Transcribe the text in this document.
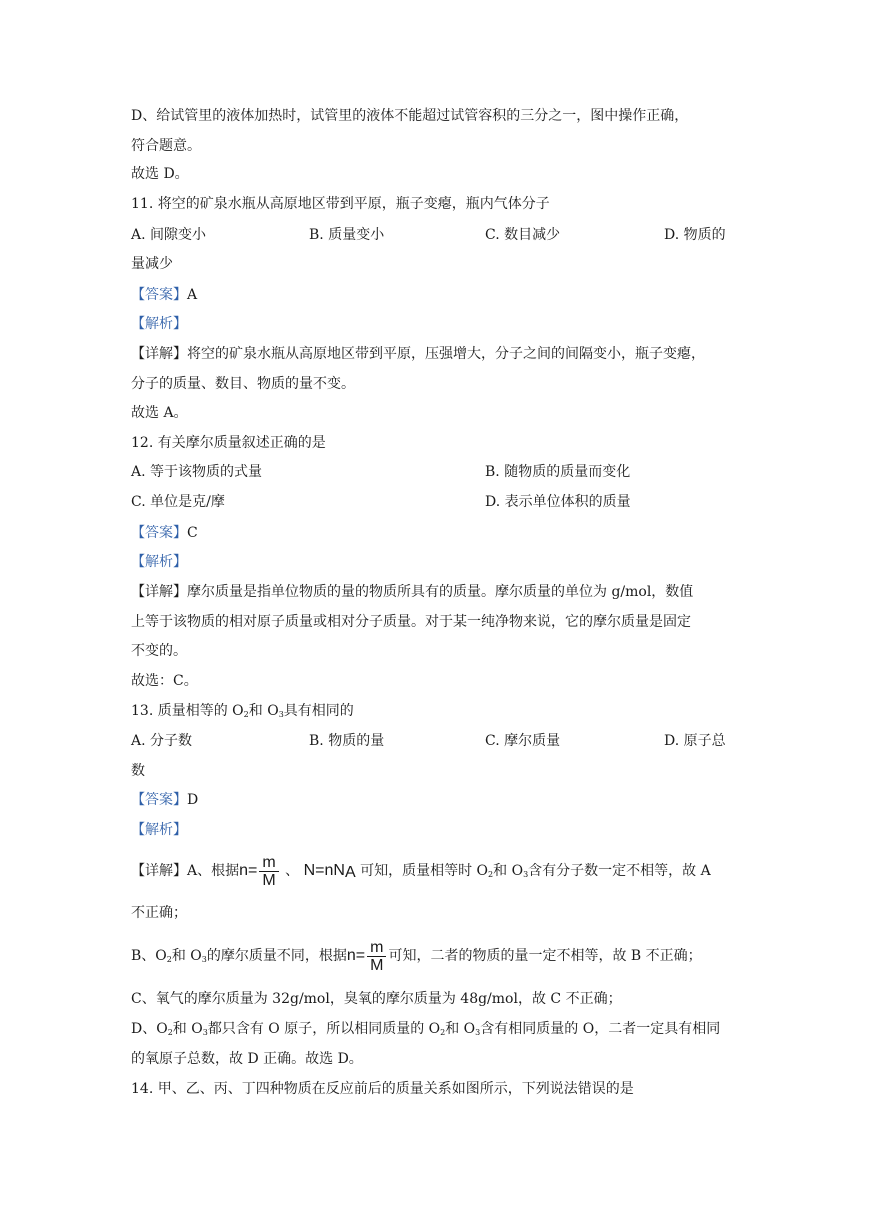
D、给试管里的液体加热时，试管里的液体不能超过试管容积的三分之一，图中操作正确，
符合题意。
故选 D。
11. 将空的矿泉水瓶从高原地区带到平原，瓶子变瘪，瓶内气体分子
A. 间隙变小	B. 质量变小	C. 数目减少	D. 物质的
量减少
【答案】A
【解析】
【详解】将空的矿泉水瓶从高原地区带到平原，压强增大，分子之间的间隔变小，瓶子变瘪，
分子的质量、数目、物质的量不变。
故选 A。
12. 有关摩尔质量叙述正确的是
A. 等于该物质的式量	B. 随物质的质量而变化
C. 单位是克/摩	D. 表示单位体积的质量
【答案】C
【解析】
【详解】摩尔质量是指单位物质的量的物质所具有的质量。摩尔质量的单位为 g/mol，数值
上等于该物质的相对原子质量或相对分子质量。对于某一纯净物来说，它的摩尔质量是固定
不变的。
故选：C。
13. 质量相等的 $O_2$和 $O_3$具有相同的
A. 分子数	B. 物质的量	C. 摩尔质量	D. 原子总
数
【答案】D
【解析】
【详解】A、根据$n= \frac{m}{M}$ 、 $N=nN_A$ 可知，质量相等时 $O_2$和 $O_3$含有分子数一定不相等，故 A
不正确；
B、$O_2$和 $O_3$的摩尔质量不同，根据$n= \frac{m}{M}$ 可知，二者的物质的量一定不相等，故 B 不正确；
C、氧气的摩尔质量为 32g/mol，臭氧的摩尔质量为 48g/mol，故 C 不正确；
D、$O_2$和 $O_3$都只含有 O 原子，所以相同质量的 $O_2$和 $O_3$含有相同质量的 O，二者一定具有相同
的氧原子总数，故 D 正确。故选 D。
14. 甲、乙、丙、丁四种物质在反应前后的质量关系如图所示，下列说法错误的是
